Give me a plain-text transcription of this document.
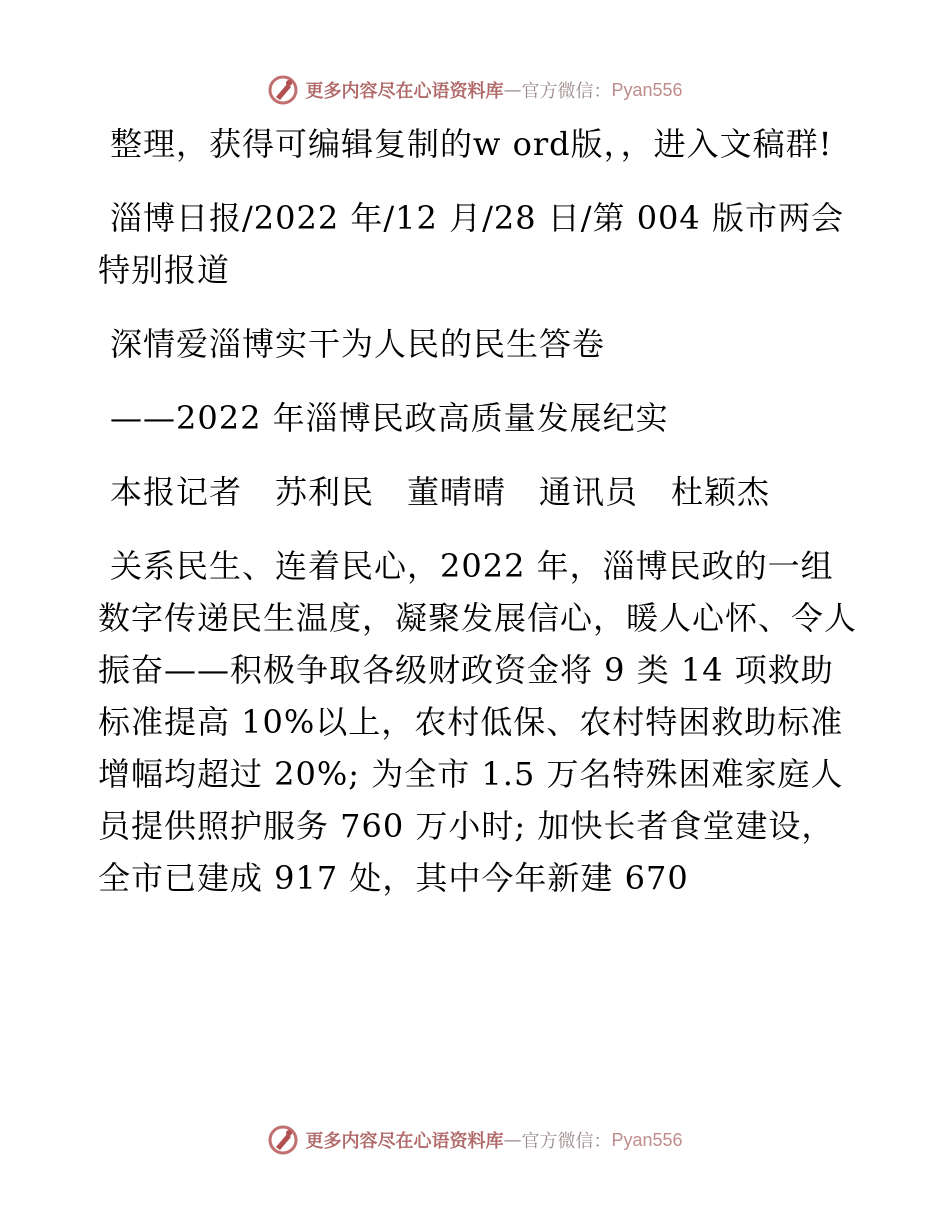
更多内容尽在心语资料库 — 官方微信： Pyan556

整理，获得可编辑复制的w ord版，，进入文稿群!

淄博日报/2022 年/12 月/28 日/第 004 版市两会特别报道

深情爱淄博实干为人民的民生答卷

——2022 年淄博民政高质量发展纪实

本报记者　苏利民　董晴晴　通讯员　杜颖杰

关系民生、连着民心，2022 年，淄博民政的一组数字传递民生温度，凝聚发展信心，暖人心怀、令人振奋——积极争取各级财政资金将 9 类 14 项救助标准提高 10%以上，农村低保、农村特困救助标准增幅均超过 20%; 为全市 1.5 万名特殊困难家庭人员提供照护服务 760 万小时; 加快长者食堂建设，全市已建成 917 处，其中今年新建 670

更多内容尽在心语资料库 — 官方微信： Pyan556
